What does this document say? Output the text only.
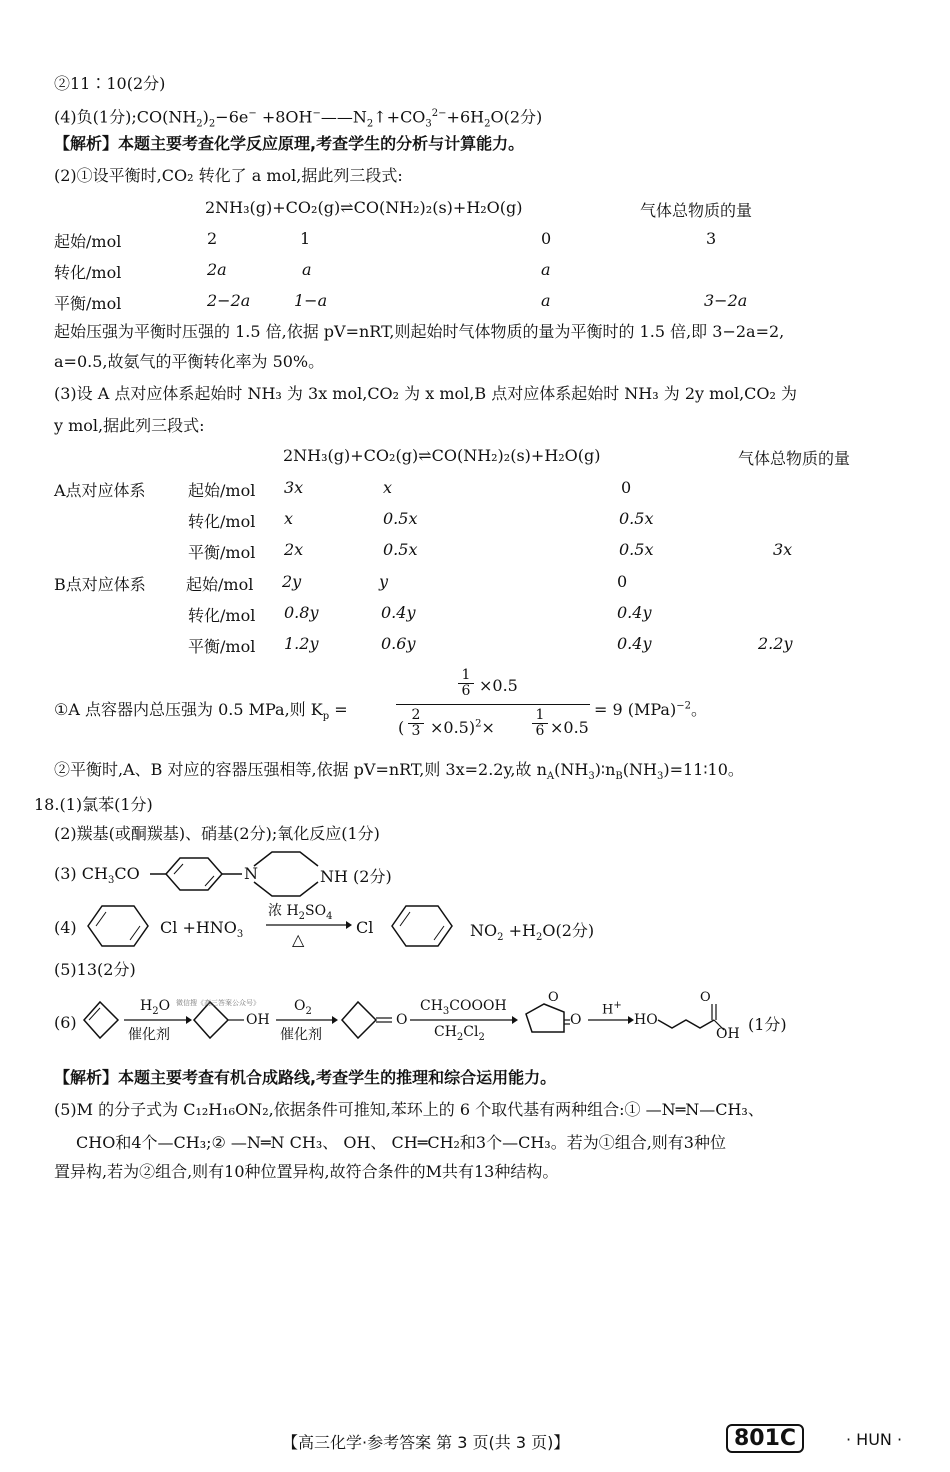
②11∶10(2分)
(4)负(1分)$;CO(NH_2)_2-6e^-$ $+8OH^-——N_2↑+CO_3^{2-}+6H_2O(2$分)
【解析】本题主要考查化学反应原理,考查学生的分析与计算能力。
(2)①设平衡时,CO₂ 转化了 a mol,据此列三段式:
2NH₃(g)+CO₂(g)⇌CO(NH₂)₂(s)+H₂O(g)	气体总物质的量
起始/mol	2	1	0	3
转化/mol	2a	a	a
平衡/mol	2−2a	1−a	a	3−2a
起始压强为平衡时压强的 1.5 倍,依据 pV=nRT,则起始时气体物质的量为平衡时的 1.5 倍,即 3−2a=2,
a=0.5,故氨气的平衡转化率为 50%。
(3)设 A 点对应体系起始时 NH₃ 为 3x mol,CO₂ 为 x mol,B 点对应体系起始时 NH₃ 为 2y mol,CO₂ 为
y mol,据此列三段式:
2NH₃(g)+CO₂(g)⇌CO(NH₂)₂(s)+H₂O(g)	气体总物质的量
A点对应体系	起始/mol 3x	x	0
转化/mol x	0.5x	0.5x
平衡/mol 2x	0.5x	0.5x	3x
B点对应体系	起始/mol 2y	y	0
转化/mol 0.8y	0.4y	0.4y
平衡/mol 1.2y	0.6y	0.4y	2.2y
①A 点容器内总压强为 0.5 MPa,则 $K_p$ =
$\frac{1}{6} \times 0.5$
( $\frac{2}{3} \times 0.5)^2\times$	$\frac{1}{6} \times 0.5$
= 9 (MPa)$^{-2}$。
②平衡时,A、B 对应的容器压强相等,依据 pV=nRT,则 3x=2.2y,故 $n_A(NH_3)∶n_B(NH_3)=11∶10$。
18.(1)氯苯(1分)
(2)羰基(或酮羰基)、硝基(2分);氧化反应(1分)
(3) $CH_3CO$	N	NH (2分)
(4)	$Cl +HNO_3$
浓 $H_2SO_4$
△
Cl	$NO_2 +H_2O(2$分)
(5)13(2分)
(6)
$H_2O$ 微信搜《高三答案公众号》
催化剂
OH
$O_2$
催化剂
O
$CH_3COOOH$
$CH_2Cl_2$
O
O
H+
HO
O
OH (1分)
【解析】本题主要考查有机合成路线,考查学生的推理和综合运用能力。
(5)M 的分子式为 C₁₂H₁₆ON₂,依据条件可推知,苯环上的 6 个取代基有两种组合:① —N═N—CH₃、
CHO和4个—CH₃;② —N═N CH₃、 OH、 CH═CH₂和3个—CH₃。若为①组合,则有3种位
置异构,若为②组合,则有10种位置异构,故符合条件的M共有13种结构。
【高三化学·参考答案 第 3 页(共 3 页)】	801C	· HUN ·
